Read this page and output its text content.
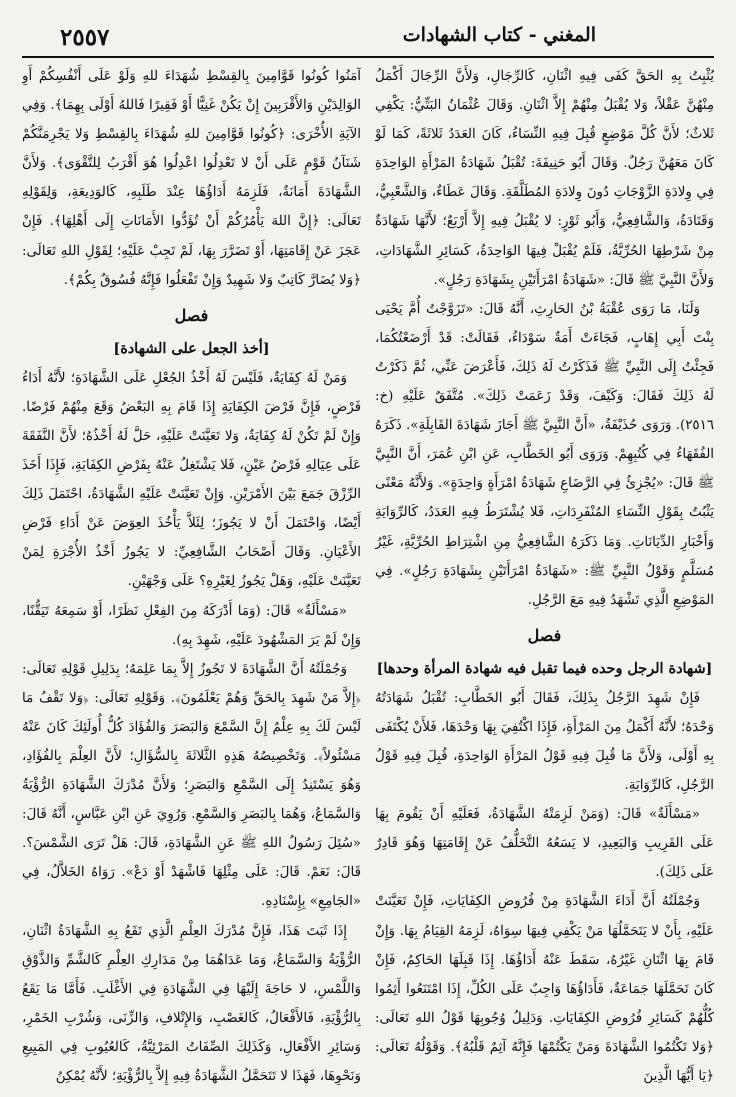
٢٥٥٧	المغني - كتاب الشهادات

يُثْبِتُ بِهِ الحَقَّ كَفَى فِيهِ اثْنَانِ، كَالرِّجَالِ، وَلأَنَّ الرِّجَالَ أَكْمَلُ مِنْهُنَّ عَقْلاً، وَلا يُقْبَلُ مِنْهُمْ إِلاَّ اثْنَانِ. وَقَالَ عُثْمَانُ البَتِّيُّ: يَكْفِي ثَلاثٌ؛ لأَنَّ كُلَّ مَوْضِعٍ قُبِلَ فِيهِ النِّسَاءُ، كَانَ العَدَدُ ثَلاثَةً، كَمَا لَوْ كَانَ مَعَهُنَّ رَجُلٌ. وَقَالَ أَبُو حَنِيفَةَ: تُقْبَلُ شَهَادَةُ المَرْأَةِ الوَاحِدَةِ فِي وِلادَةِ الزَّوْجَاتِ دُونَ وِلادَةِ المُطَلَّقَةِ. وَقَالَ عَطَاءٌ، وَالشَّعْبِيُّ، وَقَتَادَةُ، وَالشَّافِعِيُّ، وَأَبُو ثَوْرٍ: لا يُقْبَلُ فِيهِ إِلاَّ أَرْبَعٌ؛ لأَنَّهَا شَهَادَةٌ مِنْ شَرْطِهَا الحُرِّيَّةُ، فَلَمْ يُقْبَلْ فِيهَا الوَاحِدَةُ، كَسَائِرِ الشَّهَادَاتِ، وَلأَنَّ النَّبِيَّ ﷺ قَالَ: «شَهَادَةُ امْرَأَتَيْنِ بِشَهَادَةِ رَجُلٍ».

وَلَنَا، مَا رَوَى عُقْبَةُ بْنُ الحَارِثِ، أَنَّهُ قَالَ: «تَزَوَّجْتُ أُمَّ يَحْيَى بِنْتَ أَبِي إِهَابٍ، فَجَاءَتْ أَمَةٌ سَوْدَاءُ، فَقَالَتْ: قَدْ أَرْضَعْتُكُمَا، فَجِئْتُ إِلَى النَّبِيِّ ﷺ فَذَكَرْتُ لَهُ ذَلِكَ، فَأَعْرَضَ عَنِّي، ثُمَّ ذَكَرْتُ لَهُ ذَلِكَ فَقَالَ: وَكَيْفَ، وَقَدْ زَعَمَتْ ذَلِكَ». مُتَّفَقٌ عَلَيْهِ (خ: ٢٥١٦). وَرَوَى حُذَيْفَةُ، «أَنَّ النَّبِيَّ ﷺ أَجَازَ شَهَادَةَ القَابِلَةِ». ذَكَرَهُ الفُقَهَاءُ فِي كُتُبِهِمْ. وَرَوَى أَبُو الخَطَّابِ، عَنِ ابْنِ عُمَرَ، أَنَّ النَّبِيَّ ﷺ قَالَ: «يُجْزِئُ فِي الرَّضَاعِ شَهَادَةُ امْرَأَةٍ وَاحِدَةٍ». وَلأَنَّهُ مَعْنًى يَثْبُتُ بِقَوْلِ النِّسَاءِ المُنْفَرِدَاتِ، فَلا يُشْتَرَطُ فِيهِ العَدَدُ، كَالرِّوَايَةِ وَأَخْبَارِ الدِّيَانَاتِ. وَمَا ذَكَرَهُ الشَّافِعِيُّ مِنِ اشْتِرَاطِ الحُرِّيَّةِ، غَيْرُ مُسَلَّمٍ وَقَوْلُ النَّبِيِّ ﷺ: «شَهَادَةُ امْرَأَتَيْنِ بِشَهَادَةِ رَجُلٍ». فِي المَوْضِعِ الَّذِي تَشْهَدُ فِيهِ مَعَ الرَّجُلِ.

فصل
[شهادة الرجل وحده فيما تقبل فيه شهادة المرأة وحدها]

فَإِنْ شَهِدَ الرَّجُلُ بِذَلِكَ، فَقَالَ أَبُو الخَطَّابِ: تُقْبَلُ شَهَادَتُهُ وَحْدَهُ؛ لأَنَّهُ أَكْمَلُ مِنَ المَرْأَةِ، فَإِذَا اكْتُفِيَ بِهَا وَحْدَهَا، فَلأَنْ يُكْتَفَى بِهِ أَوْلَى، وَلأَنَّ مَا قُبِلَ فِيهِ قَوْلُ المَرْأَةِ الوَاحِدَةِ، قُبِلَ فِيهِ قَوْلُ الرَّجُلِ، كَالرِّوَايَةِ.

«مَسْأَلَةٌ» قَالَ: (وَمَنْ لَزِمَتْهُ الشَّهَادَةُ، فَعَلَيْهِ أَنْ يَقُومَ بِهَا عَلَى القَرِيبِ وَالبَعِيدِ، لا يَسَعُهُ التَّخَلُّفُ عَنْ إِقَامَتِهَا وَهُوَ قَادِرٌ عَلَى ذَلِكَ).

وَجُمْلَتُهُ أَنَّ أَدَاءَ الشَّهَادَةِ مِنْ فُرُوضِ الكِفَايَاتِ، فَإِنْ تَعَيَّنَتْ عَلَيْهِ، بِأَنْ لا يَتَحَمَّلُهَا مَنْ يَكْفِي فِيهَا سِوَاهُ، لَزِمَهُ القِيَامُ بِهَا. وَإِنْ قَامَ بِهَا اثْنَانِ غَيْرُهُ، سَقَطَ عَنْهُ أَدَاؤُهَا. إِذَا قَبِلَهَا الحَاكِمُ، فَإِنْ كَانَ تَحَمَّلَهَا جَمَاعَةٌ، فَأَدَاؤُهَا وَاجِبٌ عَلَى الكُلِّ، إِذَا امْتَنَعُوا أَثِمُوا كُلُّهُمْ كَسَائِرِ فُرُوضِ الكِفَايَاتِ. وَدَلِيلُ وُجُوبِهَا قَوْلُ اللهِ تَعَالَى: ﴿وَلا تَكْتُمُوا الشَّهَادَةَ وَمَنْ يَكْتُمْهَا فَإِنَّهُ آثِمٌ قَلْبُهُ﴾. وَقَوْلُهُ تَعَالَى: ﴿يَا أَيُّهَا الَّذِينَ

آمَنُوا كُونُوا قَوَّامِينَ بِالقِسْطِ شُهَدَاءَ للهِ وَلَوْ عَلَى أَنْفُسِكُمْ أَوِ الوَالِدَيْنِ وَالأَقْرَبِينَ إِنْ يَكُنْ غَنِيًّا أَوْ فَقِيرًا فَاللهُ أَوْلَى بِهِمَا﴾. وَفِي الآيَةِ الأُخْرَى: ﴿كُونُوا قَوَّامِينَ للهِ شُهَدَاءَ بِالقِسْطِ وَلا يَجْرِمَنَّكُمْ شَنَآنُ قَوْمٍ عَلَى أَنْ لا تَعْدِلُوا اعْدِلُوا هُوَ أَقْرَبُ لِلتَّقْوَى﴾. وَلأَنَّ الشَّهَادَةَ أَمَانَةٌ، فَلَزِمَهُ أَدَاؤُهَا عِنْدَ طَلَبِهِ، كَالوَدِيعَةِ، وَلِقَوْلِهِ تَعَالَى: ﴿إِنَّ اللهَ يَأْمُرُكُمْ أَنْ تُؤَدُّوا الأَمَانَاتِ إِلَى أَهْلِهَا﴾. فَإِنْ عَجَزَ عَنْ إِقَامَتِهَا، أَوْ تَضَرَّرَ بِهَا، لَمْ تَجِبْ عَلَيْهِ؛ لِقَوْلِ اللهِ تَعَالَى: ﴿وَلا يُضَارَّ كَاتِبٌ وَلا شَهِيدٌ وَإِنْ تَفْعَلُوا فَإِنَّهُ فُسُوقٌ بِكُمْ﴾.

فصل
[أخذ الجعل على الشهادة]

وَمَنْ لَهُ كِفَايَةٌ، فَلَيْسَ لَهُ أَخْذُ الجُعْلِ عَلَى الشَّهَادَةِ؛ لأَنَّهُ أَدَاءُ فَرْضٍ، فَإِنَّ فَرْضَ الكِفَايَةِ إِذَا قَامَ بِهِ البَعْضُ وَقَعَ مِنْهُمْ فَرْضًا. وَإِنْ لَمْ تَكُنْ لَهُ كِفَايَةٌ، وَلا تَعَيَّنَتْ عَلَيْهِ، حَلَّ لَهُ أَخْذُهُ؛ لأَنَّ النَّفَقَةَ عَلَى عِيَالِهِ فَرْضُ عَيْنٍ، فَلا يَشْتَغِلُ عَنْهُ بِفَرْضِ الكِفَايَةِ، فَإِذَا أَخَذَ الرِّزْقَ جَمَعَ بَيْنَ الأَمْرَيْنِ. وَإِنْ تَعَيَّنَتْ عَلَيْهِ الشَّهَادَةُ، احْتَمَلَ ذَلِكَ أَيْضًا، وَاحْتَمَلَ أَنْ لا يَجُوزَ؛ لِئَلاَّ يَأْخُذَ العِوَضَ عَنْ أَدَاءِ فَرْضِ الأَعْيَانِ. وَقَالَ أَصْحَابُ الشَّافِعِيِّ: لا يَجُوزُ أَخْذُ الأُجْرَةِ لِمَنْ تَعَيَّنَتْ عَلَيْهِ، وَهَلْ يَجُوزُ لِغَيْرِهِ؟ عَلَى وَجْهَيْنِ.

«مَسْأَلَةٌ» قَالَ: (وَمَا أَدْرَكَهُ مِنَ الفِعْلِ نَظَرًا، أَوْ سَمِعَهُ تَيَقُّنًا، وَإِنْ لَمْ يَرَ المَشْهُودَ عَلَيْهِ، شَهِدَ بِهِ).

وَجُمْلَتُهُ أَنَّ الشَّهَادَةَ لا تَجُوزُ إِلاَّ بِمَا عَلِمَهُ؛ بِدَلِيلِ قَوْلِهِ تَعَالَى: ﴿إِلاَّ مَنْ شَهِدَ بِالحَقِّ وَهُمْ يَعْلَمُونَ﴾. وَقَوْلِهِ تَعَالَى: ﴿وَلا تَقْفُ مَا لَيْسَ لَكَ بِهِ عِلْمٌ إِنَّ السَّمْعَ وَالبَصَرَ وَالفُؤَادَ كُلُّ أُولَئِكَ كَانَ عَنْهُ مَسْئُولاً﴾. وَتَخْصِيصُهُ هَذِهِ الثَّلاثَةَ بِالسُّؤَالِ؛ لأَنَّ العِلْمَ بِالفُؤَادِ، وَهُوَ يَسْتَنِدُ إِلَى السَّمْعِ وَالبَصَرِ؛ وَلأَنَّ مُدْرَكَ الشَّهَادَةِ الرُّؤْيَةُ وَالسَّمَاعُ، وَهُمَا بِالبَصَرِ وَالسَّمْعِ. وَرُوِيَ عَنِ ابْنِ عَبَّاسٍ، أَنَّهُ قَالَ: «سُئِلَ رَسُولُ اللهِ ﷺ عَنِ الشَّهَادَةِ، قَالَ: هَلْ تَرَى الشَّمْسَ؟. قَالَ: نَعَمْ. قَالَ: عَلَى مِثْلِهَا فَاشْهَدْ أَوْ دَعْ». رَوَاهُ الخَلاَّلُ، فِي «الجَامِعِ» بِإِسْنَادِهِ.

إِذَا ثَبَتَ هَذَا، فَإِنَّ مُدْرَكَ العِلْمِ الَّذِي تَقَعُ بِهِ الشَّهَادَةُ اثْنَانِ، الرُّؤْيَةُ وَالسَّمَاعُ، وَمَا عَدَاهُمَا مِنْ مَدَارِكِ العِلْمِ كَالشَّمِّ وَالذَّوْقِ وَاللَّمْسِ، لا حَاجَةَ إِلَيْهَا فِي الشَّهَادَةِ فِي الأَغْلَبِ. فَأَمَّا مَا يَقَعُ بِالرُّؤْيَةِ، فَالأَفْعَالُ، كَالغَصْبِ، وَالإِتْلافِ، وَالزِّنَى، وَشُرْبِ الخَمْرِ، وَسَائِرِ الأَفْعَالِ، وَكَذَلِكَ الصِّفَاتُ المَرْئِيَّةُ، كَالعُيُوبِ فِي المَبِيعِ وَنَحْوِهَا، فَهَذَا لا تَتَحَمَّلُ الشَّهَادَةُ فِيهِ إِلاَّ بِالرُّؤْيَةِ؛ لأَنَّهُ يُمْكِنُ
